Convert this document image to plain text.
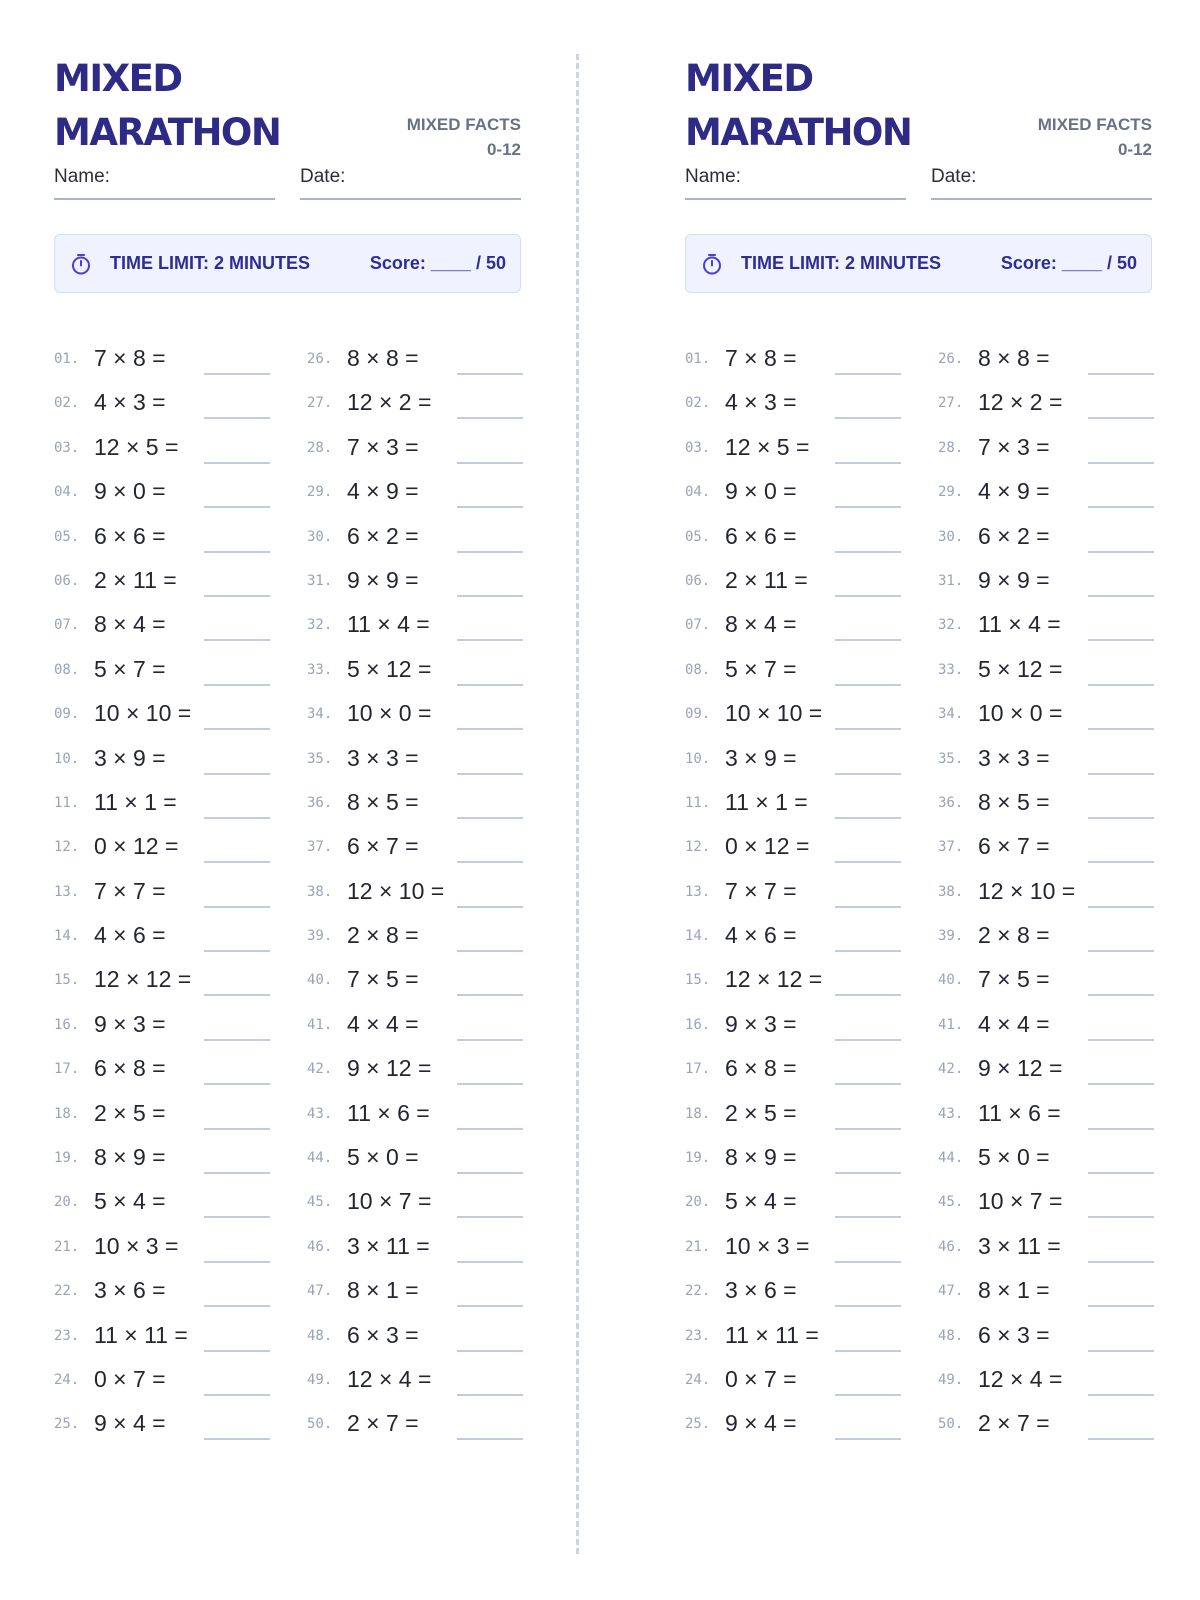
MIXED
MARATHON	MIXED FACTS
0-12
Name:	Date:
TIME LIMIT: 2 MINUTES	Score: ____ / 50
01. 7 × 8 =
02. 4 × 3 =
03. 12 × 5 =
04. 9 × 0 =
05. 6 × 6 =
06. 2 × 11 =
07. 8 × 4 =
08. 5 × 7 =
09. 10 × 10 =
10. 3 × 9 =
11. 11 × 1 =
12. 0 × 12 =
13. 7 × 7 =
14. 4 × 6 =
15. 12 × 12 =
16. 9 × 3 =
17. 6 × 8 =
18. 2 × 5 =
19. 8 × 9 =
20. 5 × 4 =
21. 10 × 3 =
22. 3 × 6 =
23. 11 × 11 =
24. 0 × 7 =
25. 9 × 4 =
26. 8 × 8 =
27. 12 × 2 =
28. 7 × 3 =
29. 4 × 9 =
30. 6 × 2 =
31. 9 × 9 =
32. 11 × 4 =
33. 5 × 12 =
34. 10 × 0 =
35. 3 × 3 =
36. 8 × 5 =
37. 6 × 7 =
38. 12 × 10 =
39. 2 × 8 =
40. 7 × 5 =
41. 4 × 4 =
42. 9 × 12 =
43. 11 × 6 =
44. 5 × 0 =
45. 10 × 7 =
46. 3 × 11 =
47. 8 × 1 =
48. 6 × 3 =
49. 12 × 4 =
50. 2 × 7 =
MIXED
MARATHON	MIXED FACTS
0-12
Name:	Date:
TIME LIMIT: 2 MINUTES	Score: ____ / 50
01. 7 × 8 =
02. 4 × 3 =
03. 12 × 5 =
04. 9 × 0 =
05. 6 × 6 =
06. 2 × 11 =
07. 8 × 4 =
08. 5 × 7 =
09. 10 × 10 =
10. 3 × 9 =
11. 11 × 1 =
12. 0 × 12 =
13. 7 × 7 =
14. 4 × 6 =
15. 12 × 12 =
16. 9 × 3 =
17. 6 × 8 =
18. 2 × 5 =
19. 8 × 9 =
20. 5 × 4 =
21. 10 × 3 =
22. 3 × 6 =
23. 11 × 11 =
24. 0 × 7 =
25. 9 × 4 =
26. 8 × 8 =
27. 12 × 2 =
28. 7 × 3 =
29. 4 × 9 =
30. 6 × 2 =
31. 9 × 9 =
32. 11 × 4 =
33. 5 × 12 =
34. 10 × 0 =
35. 3 × 3 =
36. 8 × 5 =
37. 6 × 7 =
38. 12 × 10 =
39. 2 × 8 =
40. 7 × 5 =
41. 4 × 4 =
42. 9 × 12 =
43. 11 × 6 =
44. 5 × 0 =
45. 10 × 7 =
46. 3 × 11 =
47. 8 × 1 =
48. 6 × 3 =
49. 12 × 4 =
50. 2 × 7 =
